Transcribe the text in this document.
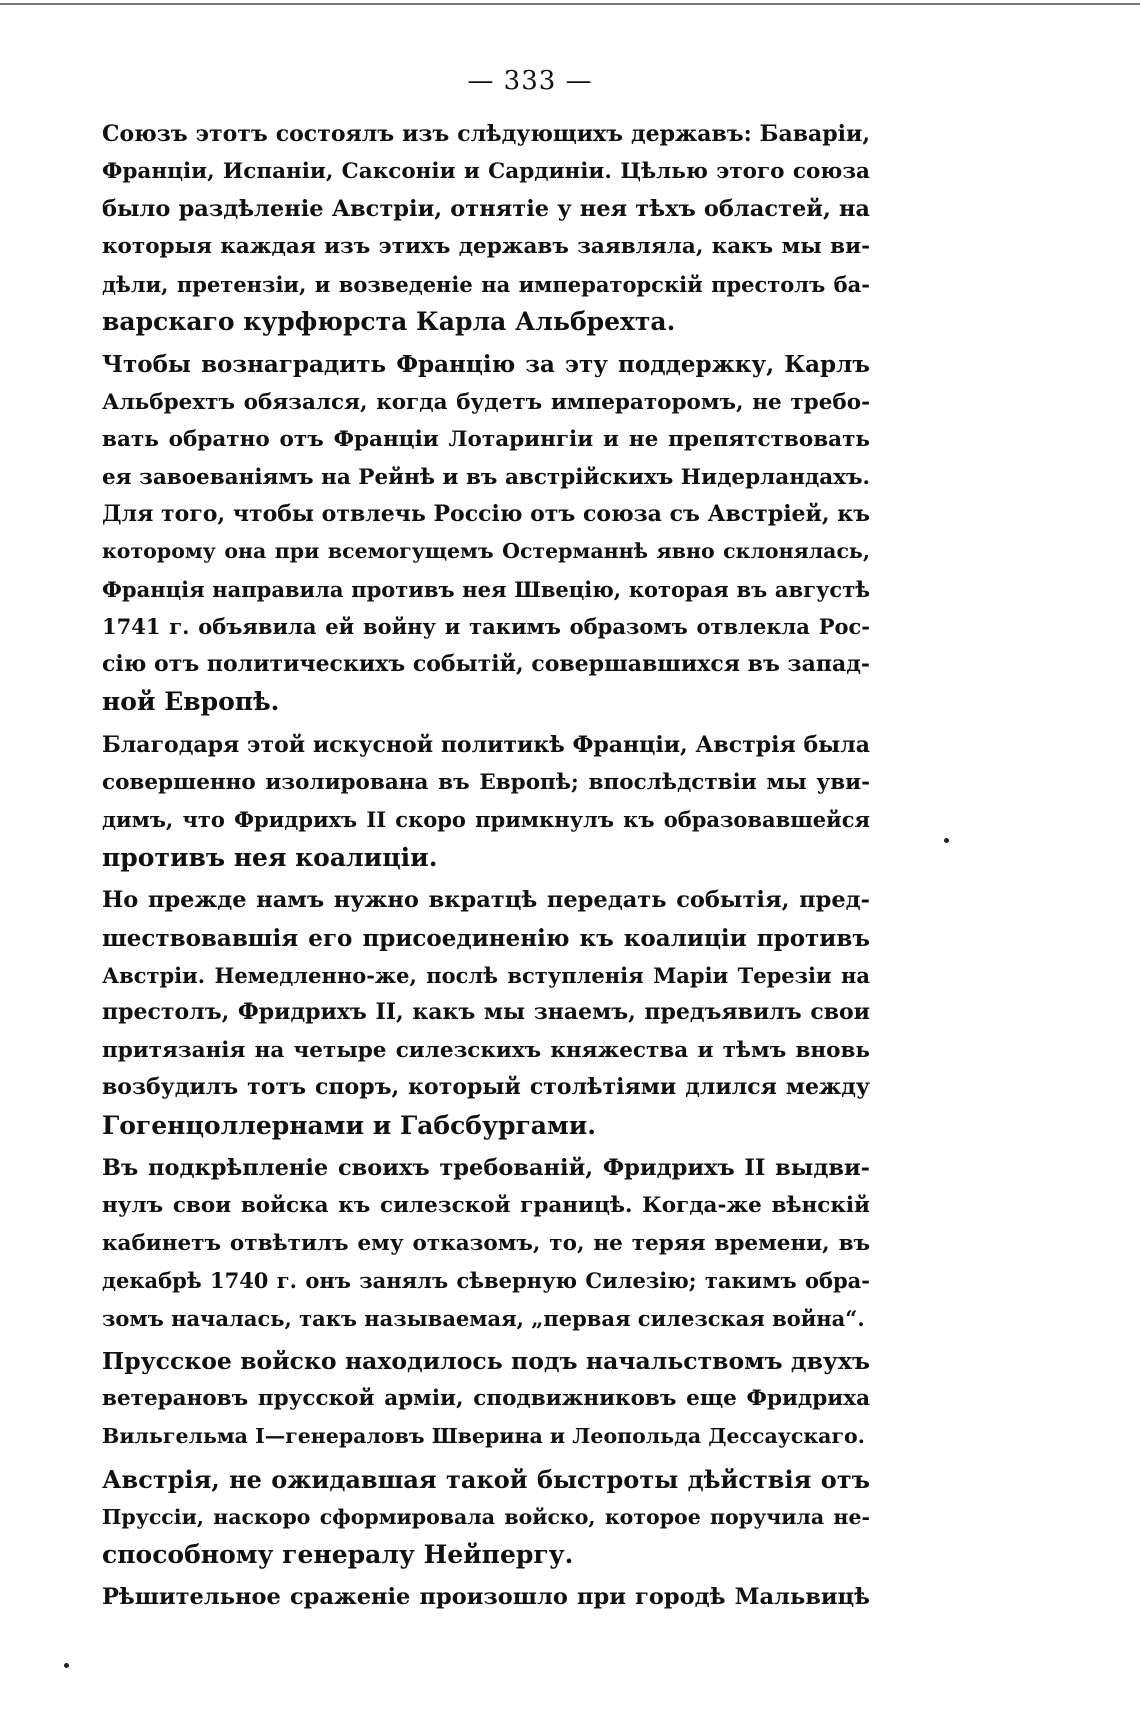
— 333 —

Союзъ этотъ состоялъ изъ слѣдующихъ державъ: Баваріи,
Франціи, Испаніи, Саксоніи и Сардиніи. Цѣлью этого союза
было раздѣленіе Австріи, отнятіе у нея тѣхъ областей, на
которыя каждая изъ этихъ державъ заявляла, какъ мы ви-
дѣли, претензіи, и возведеніе на императорскій престолъ ба-
варскаго курфюрста Карла Альбрехта.

Чтобы вознаградить Францію за эту поддержку, Карлъ
Альбрехтъ обязался, когда будетъ императоромъ, не требо-
вать обратно отъ Франціи Лотарингіи и не препятствовать
ея завоеваніямъ на Рейнѣ и въ австрійскихъ Нидерландахъ.
Для того, чтобы отвлечь Россію отъ союза съ Австріей, къ
которому она при всемогущемъ Остерманнѣ явно склонялась,
Франція направила противъ нея Швецію, которая въ августѣ
1741 г. объявила ей войну и такимъ образомъ отвлекла Рос-
сію отъ политическихъ событій, совершавшихся въ запад-
ной Европѣ.

Благодаря этой искусной политикѣ Франціи, Австрія была
совершенно изолирована въ Европѣ; впослѣдствіи мы уви-
димъ, что Фридрихъ II скоро примкнулъ къ образовавшейся
противъ нея коалиціи.

Но прежде намъ нужно вкратцѣ передать событія, пред-
шествовавшія его присоединенію къ коалиціи противъ
Австріи. Немедленно-же, послѣ вступленія Маріи Терезіи на
престолъ, Фридрихъ II, какъ мы знаемъ, предъявилъ свои
притязанія на четыре силезскихъ княжества и тѣмъ вновь
возбудилъ тотъ споръ, который столѣтіями длился между
Гогенцоллернами и Габсбургами.

Въ подкрѣпленіе своихъ требованій, Фридрихъ II выдви-
нулъ свои войска къ силезской границѣ. Когда-же вѣнскій
кабинетъ отвѣтилъ ему отказомъ, то, не теряя времени, въ
декабрѣ 1740 г. онъ занялъ сѣверную Силезію; такимъ обра-
зомъ началась, такъ называемая, „первая силезская война“.

Прусское войско находилось подъ начальствомъ двухъ
ветерановъ прусской арміи, сподвижниковъ еще Фридриха
Вильгельма I—генераловъ Шверина и Леопольда Дессаускаго.

Австрія, не ожидавшая такой быстроты дѣйствія отъ
Пруссіи, наскоро сформировала войско, которое поручила не-
способному генералу Нейпергу.

Рѣшительное сраженіе произошло при городѣ Мальвицѣ
